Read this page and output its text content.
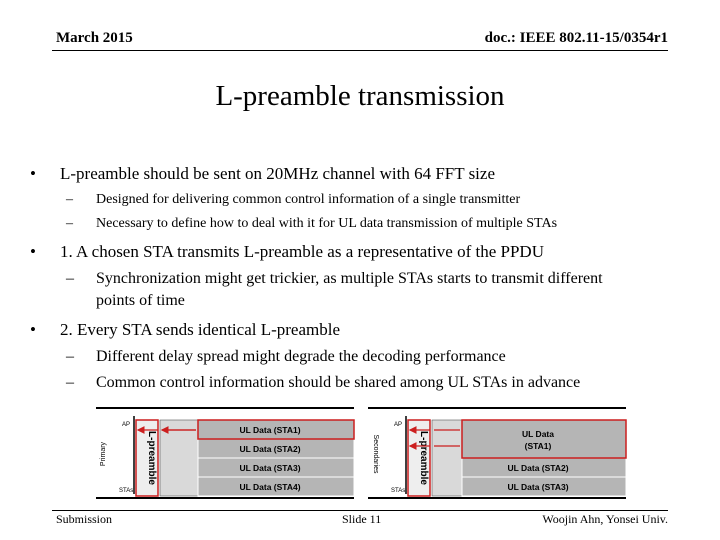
March 2015	doc.: IEEE 802.11-15/0354r1
L-preamble transmission
• L-preamble should be sent on 20MHz channel with 64 FFT size
– Designed for delivering common control information of a single transmitter
– Necessary to define how to deal with it for UL data transmission of multiple STAs
• 1. A chosen STA transmits L-preamble as a representative of the PPDU
– Synchronization might get trickier, as multiple STAs starts to transmit different
points of time
• 2. Every STA sends identical L-preamble
– Different delay spread might degrade the decoding performance
– Common control information should be shared among UL STAs in advance
AP
STAs
Primary	L-preamble
UL Data (STA1)
UL Data (STA2)
UL Data (STA3)
UL Data (STA4)
AP
STAs
Secondaries	L-preamble	UL Data
(STA1)
UL Data (STA2)
UL Data (STA3)
Submission	Slide 11	Woojin Ahn, Yonsei Univ.
